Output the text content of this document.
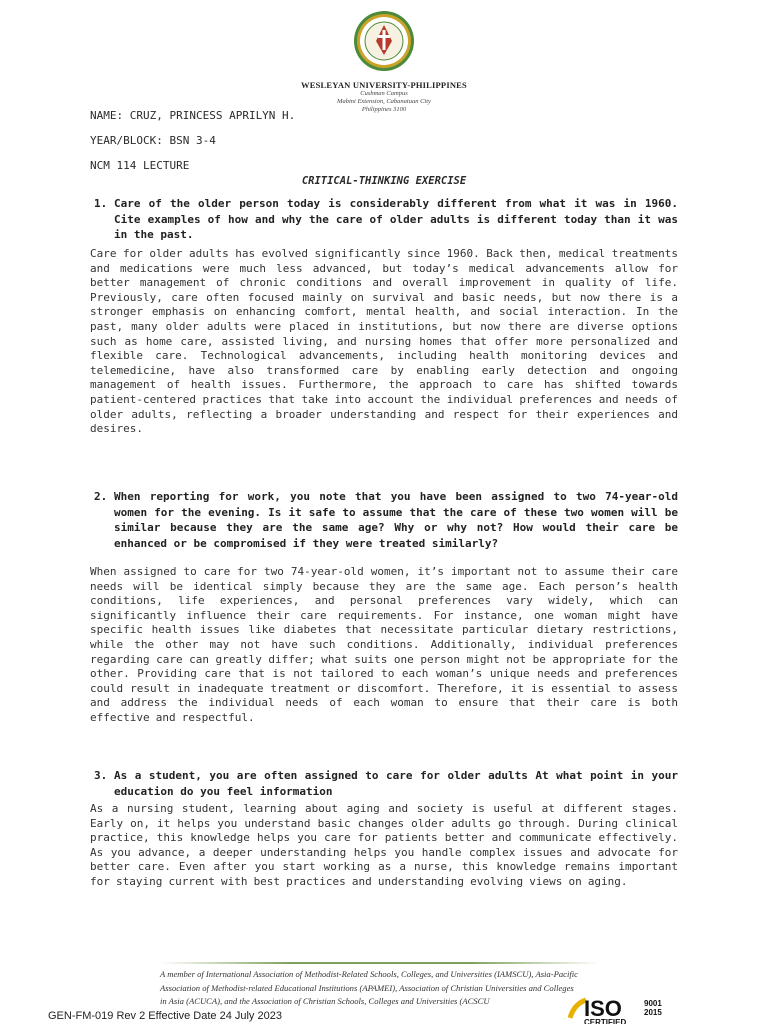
WESLEYAN UNIVERSITY-PHILIPPINES
Cushman Campus
Mabini Extension, Cabanatuan City
Philippines 3100
NAME: CRUZ, PRINCESS APRILYN H.
YEAR/BLOCK: BSN 3-4
NCM 114 LECTURE
CRITICAL-THINKING EXERCISE
1. Care of the older person today is considerably different from what it was in 1960. Cite examples of how and why the care of older adults is different today than it was in the past.
Care for older adults has evolved significantly since 1960. Back then, medical treatments and medications were much less advanced, but today’s medical advancements allow for better management of chronic conditions and overall improvement in quality of life. Previously, care often focused mainly on survival and basic needs, but now there is a stronger emphasis on enhancing comfort, mental health, and social interaction. In the past, many older adults were placed in institutions, but now there are diverse options such as home care, assisted living, and nursing homes that offer more personalized and flexible care. Technological advancements, including health monitoring devices and telemedicine, have also transformed care by enabling early detection and ongoing management of health issues. Furthermore, the approach to care has shifted towards patient-centered practices that take into account the individual preferences and needs of older adults, reflecting a broader understanding and respect for their experiences and desires.
2. When reporting for work, you note that you have been assigned to two 74-year-old women for the evening. Is it safe to assume that the care of these two women will be similar because they are the same age? Why or why not? How would their care be enhanced or be compromised if they were treated similarly?
When assigned to care for two 74-year-old women, it’s important not to assume their care needs will be identical simply because they are the same age. Each person’s health conditions, life experiences, and personal preferences vary widely, which can significantly influence their care requirements. For instance, one woman might have specific health issues like diabetes that necessitate particular dietary restrictions, while the other may not have such conditions. Additionally, individual preferences regarding care can greatly differ; what suits one person might not be appropriate for the other. Providing care that is not tailored to each woman’s unique needs and preferences could result in inadequate treatment or discomfort. Therefore, it is essential to assess and address the individual needs of each woman to ensure that their care is both effective and respectful.
3. As a student, you are often assigned to care for older adults At what point in your education do you feel information
As a nursing student, learning about aging and society is useful at different stages. Early on, it helps you understand basic changes older adults go through. During clinical practice, this knowledge helps you care for patients better and communicate effectively. As you advance, a deeper understanding helps you handle complex issues and advocate for better care. Even after you start working as a nurse, this knowledge remains important for staying current with best practices and understanding evolving views on aging.
A member of International Association of Methodist-Related Schools, Colleges, and Universities (IAMSCU), Asia-Pacific Association of Methodist-related Educational Institutions (APAMEI), Association of Christian Universities and Colleges in Asia (ACUCA), and the Association of Christian Schools, Colleges and Universities (ACSCU
GEN-FM-019 Rev 2 Effective Date 24 July 2023	ISO	9001
2015
CERTIFIED
